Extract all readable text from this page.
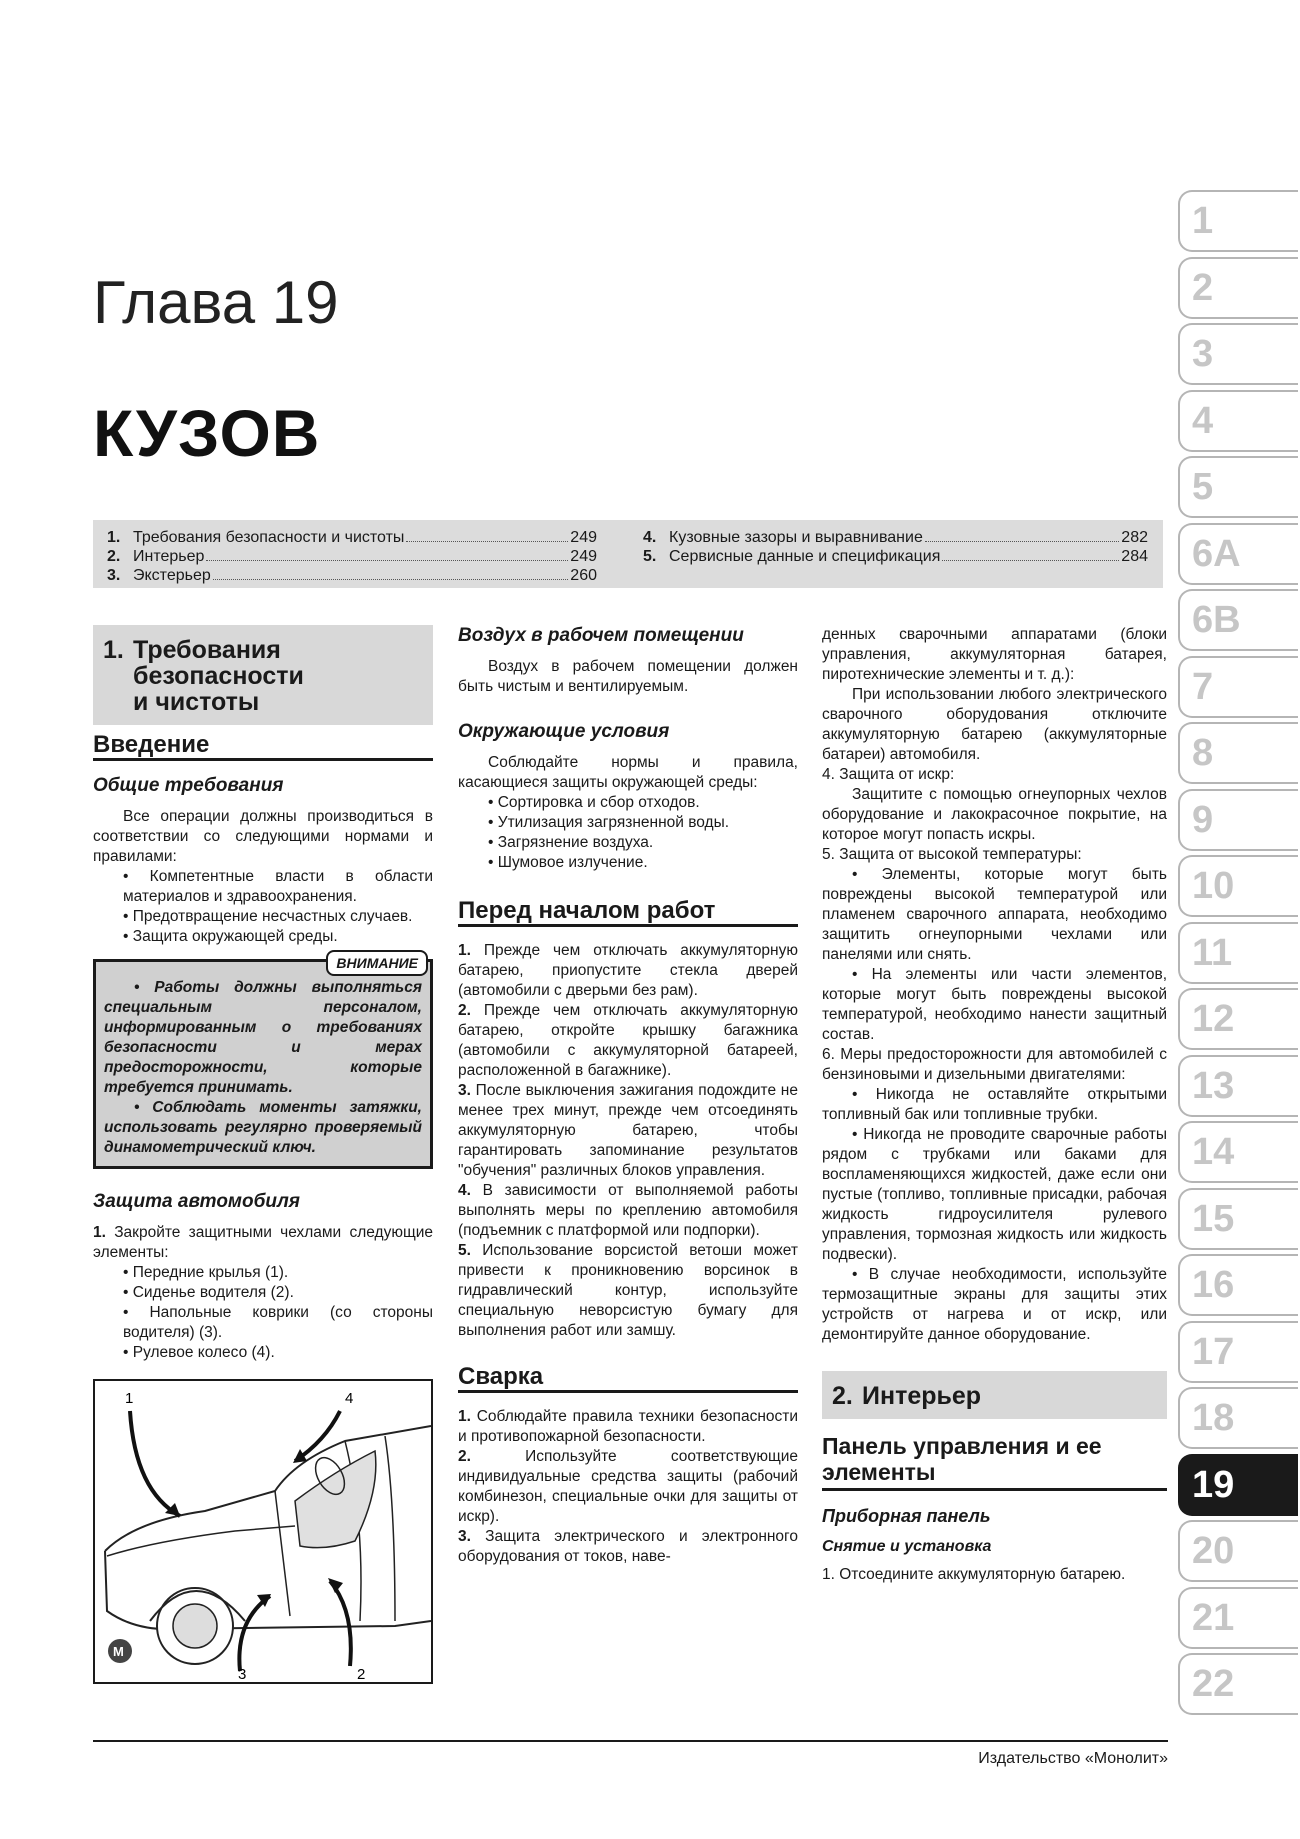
Глава 19
КУЗОВ
1. Требования безопасности и чистоты	249
2. Интерьер	249
3. Экстерьер	260
4. Кузовные зазоры и выравнивание	282
5. Сервисные данные и спецификация	284
1
2
3
4
5
6A
6B
7
8
9
10
11
12
13
14
15
16
17
18
19
20
21
22
1. Требования
безопасности
и чистоты
Введение
Общие требования

Все операции должны производиться в соответствии со следующими нормами и правилами:

• Компетентные власти в области материалов и здравоохранения.

• Предотвращение несчастных случаев.

• Защита окружающей среды.

ВНИМАНИЕ

• Работы должны выполняться специальным персоналом, информированным о требованиях безопасности и мерах предосторожности, которые требуется принимать.

• Соблюдать моменты затяжки, использовать регулярно проверяемый динамометрический ключ.

Защита автомобиля

1. Закройте защитными чехлами следующие элементы:

• Передние крылья (1).

• Сиденье водителя (2).

• Напольные коврики (со стороны водителя) (3).

• Рулевое колесо (4).

M
1	4
3	2
Воздух в рабочем помещении

Воздух в рабочем помещении должен быть чистым и вентилируемым.

Окружающие условия

Соблюдайте нормы и правила, касающиеся защиты окружающей среды:

• Сортировка и сбор отходов.

• Утилизация загрязненной воды.

• Загрязнение воздуха.

• Шумовое излучение.

Перед началом работ

1. Прежде чем отключать аккумуляторную батарею, приопустите стекла дверей (автомобили с дверьми без рам).

2. Прежде чем отключать аккумуляторную батарею, откройте крышку багажника (автомобили с аккумуляторной батареей, расположенной в багажнике).

3. После выключения зажигания подождите не менее трех минут, прежде чем отсоединять аккумуляторную батарею, чтобы гарантировать запоминание результатов "обучения" различных блоков управления.

4. В зависимости от выполняемой работы выполнять меры по креплению автомобиля (подъемник с платформой или подпорки).

5. Использование ворсистой ветоши может привести к проникновению ворсинок в гидравлический контур, используйте специальную неворсистую бумагу для выполнения работ или замшу.

Сварка

1. Соблюдайте правила техники безопасности и противопожарной безопасности.

2.	Используйте соответствующие индивидуальные средства защиты (рабочий комбинезон, специальные очки для защиты от искр).

3. Защита электрического и электронного оборудования от токов, наве-

денных сварочными аппаратами (блоки управления, аккумуляторная батарея, пиротехнические элементы и т. д.):

При использовании любого электрического сварочного оборудования отключите аккумуляторную батарею (аккумуляторные батареи) автомобиля.

4. Защита от искр:

Защитите с помощью огнеупорных чехлов оборудование и лакокрасочное покрытие, на которое могут попасть искры.

5. Защита от высокой температуры:

• Элементы, которые могут быть повреждены высокой температурой или пламенем сварочного аппарата, необходимо защитить огнеупорными чехлами или панелями или снять.

• На элементы или части элементов, которые могут быть повреждены высокой температурой, необходимо нанести защитный состав.

6. Меры предосторожности для автомобилей с бензиновыми и дизельными двигателями:

• Никогда не оставляйте открытыми топливный бак или топливные трубки.

• Никогда не проводите сварочные работы рядом с трубками или баками для воспламеняющихся жидкостей, даже если они пустые (топливо, топливные присадки, рабочая жидкость гидроусилителя рулевого управления, тормозная жидкость или жидкость подвески).

• В случае необходимости, используйте термозащитные экраны для защиты этих устройств от нагрева и от искр, или демонтируйте данное оборудование.

2. Интерьер
Панель управления и ее элементы
Приборная панель
Снятие и установка

1. Отсоедините аккумуляторную батарею.

Издательство «Монолит»
